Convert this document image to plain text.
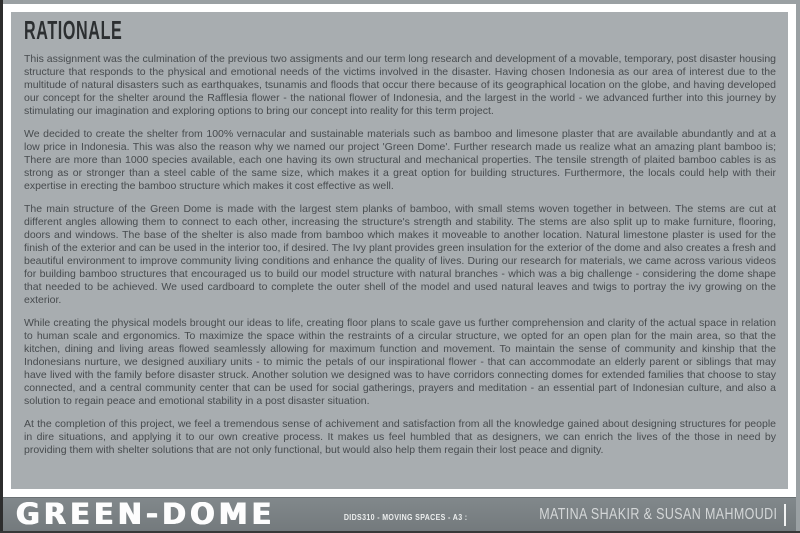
RATIONALE

This assignment was the culmination of the previous two assigments and our term long research and development of a movable, temporary, post disaster housing structure that responds to the physical and emotional needs of the victims involved in the disaster. Having chosen Indonesia as our area of interest due to the multitude of natural disasters such as earthquakes, tsunamis and floods that occur there because of its geographical location on the globe, and having developed our concept for the shelter around the Rafflesia flower - the national flower of Indonesia, and the largest in the world - we advanced further into this journey by stimulating our imagination and exploring options to bring our concept into reality for this term project.

We decided to create the shelter from 100% vernacular and sustainable materials such as bamboo and limesone plaster that are available abundantly and at a low price in Indonesia. This was also the reason why we named our project 'Green Dome'. Further research made us realize what an amazing plant bamboo is; There are more than 1000 species available, each one having its own structural and mechanical properties. The tensile strength of plaited bamboo cables is as strong as or stronger than a steel cable of the same size, which makes it a great option for building structures. Furthermore, the locals could help with their expertise in erecting the bamboo structure which makes it cost effective as well.

The main structure of the Green Dome is made with the largest stem planks of bamboo, with small stems woven together in between. The stems are cut at different angles allowing them to connect to each other, increasing the structure's strength and stability. The stems are also split up to make furniture, flooring, doors and windows. The base of the shelter is also made from bamboo which makes it moveable to another location. Natural limestone plaster is used for the finish of the exterior and can be used in the interior too, if desired. The Ivy plant provides green insulation for the exterior of the dome and also creates a fresh and beautiful environment to improve community living conditions and enhance the quality of lives. During our research for materials, we came across various videos for building bamboo structures that encouraged us to build our model structure with natural branches - which was a big challenge - considering the dome shape that needed to be achieved. We used cardboard to complete the outer shell of the model and used natural leaves and twigs to portray the ivy growing on the exterior.

While creating the physical models brought our ideas to life, creating floor plans to scale gave us further comprehension and clarity of the actual space in relation to human scale and ergonomics. To maximize the space within the restraints of a circular structure, we opted for an open plan for the main area, so that the kitchen, dining and living areas flowed seamlessly allowing for maximum function and movement. To maintain the sense of community and kinship that the Indonesians nurture, we designed auxiliary units - to mimic the petals of our inspirational flower - that can accommodate an elderly parent or siblings that may have lived with the family before disaster struck. Another solution we designed was to have corridors connecting domes for extended families that choose to stay connected, and a central community center that can be used for social gatherings, prayers and meditation - an essential part of Indonesian culture, and also a solution to regain peace and emotional stability in a post disaster situation.

At the completion of this project, we feel a tremendous sense of achivement and satisfaction from all the knowledge gained about designing structures for people in dire situations, and applying it to our own creative process. It makes us feel humbled that as designers, we can enrich the lives of the those in need by providing them with shelter solutions that are not only functional, but would also help them regain their lost peace and dignity.

GREEN-DOME	DIDS310 - MOVING SPACES - A3 :	MATINA SHAKIR & SUSAN MAHMOUDI
